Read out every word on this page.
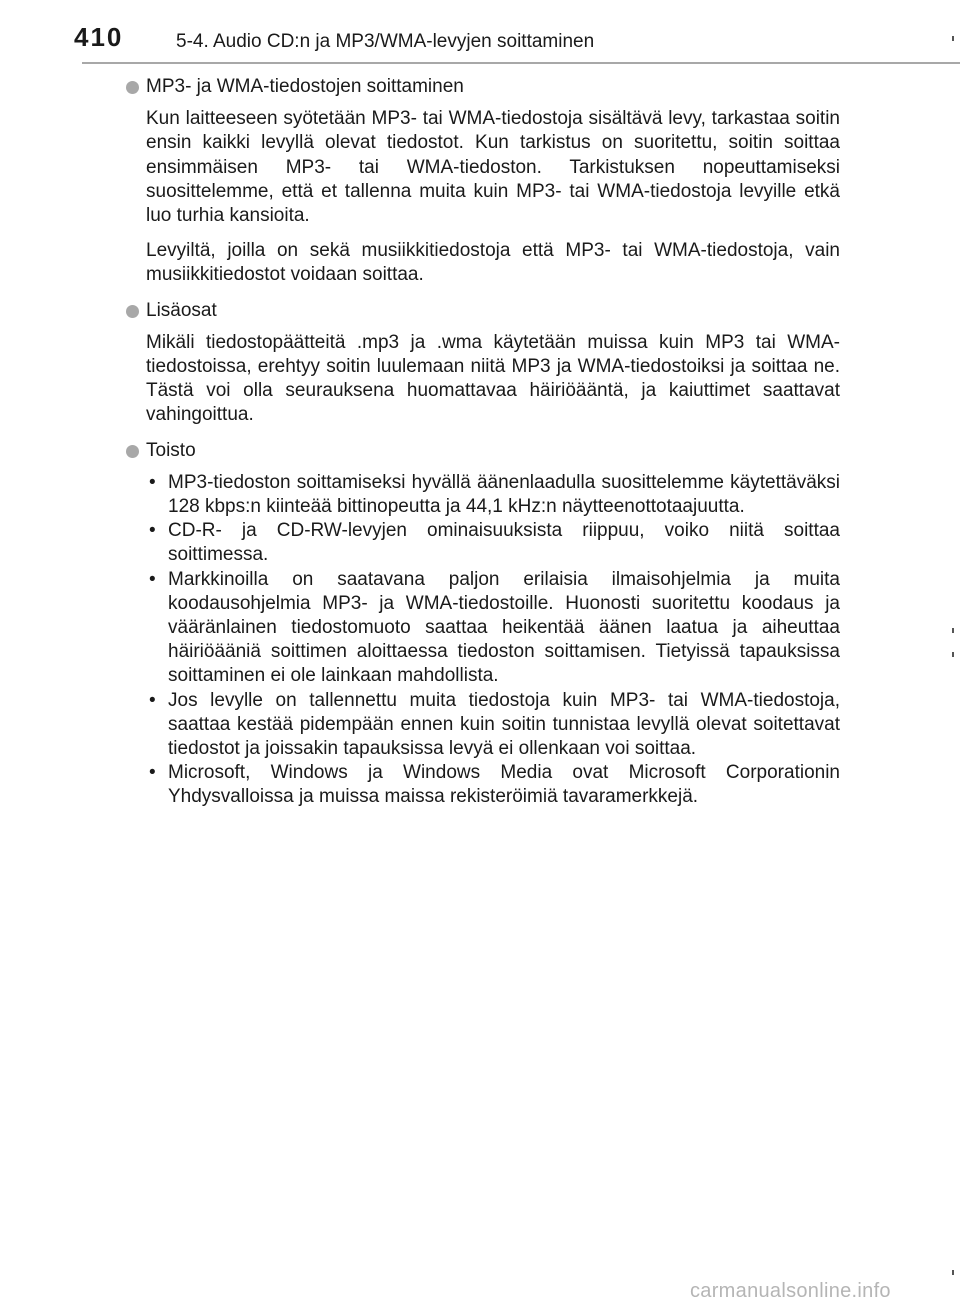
410	5-4. Audio CD:n ja MP3/WMA-levyjen soittaminen
MP3- ja WMA-tiedostojen soittaminen

Kun laitteeseen syötetään MP3- tai WMA-tiedostoja sisältävä levy, tarkastaa soitin ensin kaikki levyllä olevat tiedostot. Kun tarkistus on suoritettu, soitin soittaa ensimmäisen MP3- tai WMA-tiedoston. Tarkistuksen nopeuttamiseksi suosittelemme, että et tallenna muita kuin MP3- tai WMA-tiedostoja levyille etkä luo turhia kansioita.

Levyiltä, joilla on sekä musiikkitiedostoja että MP3- tai WMA-tiedostoja, vain musiikkitiedostot voidaan soittaa.

Lisäosat

Mikäli tiedostopäätteitä .mp3 ja .wma käytetään muissa kuin MP3 tai WMA-tiedostoissa, erehtyy soitin luulemaan niitä MP3 ja WMA-tiedostoiksi ja soittaa ne. Tästä voi olla seurauksena huomattavaa häiriöääntä, ja kaiuttimet saattavat vahingoittua.

Toisto
• MP3-tiedoston soittamiseksi hyvällä äänenlaadulla suosittelemme käytettäväksi 128 kbps:n kiinteää bittinopeutta ja 44,1 kHz:n näytteenottotaajuutta.
• CD-R- ja CD-RW-levyjen ominaisuuksista riippuu, voiko niitä soittaa soittimessa.
• Markkinoilla on saatavana paljon erilaisia ilmaisohjelmia ja muita koodausohjelmia MP3- ja WMA-tiedostoille. Huonosti suoritettu koodaus ja vääränlainen tiedostomuoto saattaa heikentää äänen laatua ja aiheuttaa häiriöääniä soittimen aloittaessa tiedoston soittamisen. Tietyissä tapauksissa soittaminen ei ole lainkaan mahdollista.
• Jos levylle on tallennettu muita tiedostoja kuin MP3- tai WMA-tiedostoja, saattaa kestää pidempään ennen kuin soitin tunnistaa levyllä olevat soitettavat tiedostot ja joissakin tapauksissa levyä ei ollenkaan voi soittaa.
• Microsoft, Windows ja Windows Media ovat Microsoft Corporationin Yhdysvalloissa ja muissa maissa rekisteröimiä tavaramerkkejä.
carmanualsonline.info
